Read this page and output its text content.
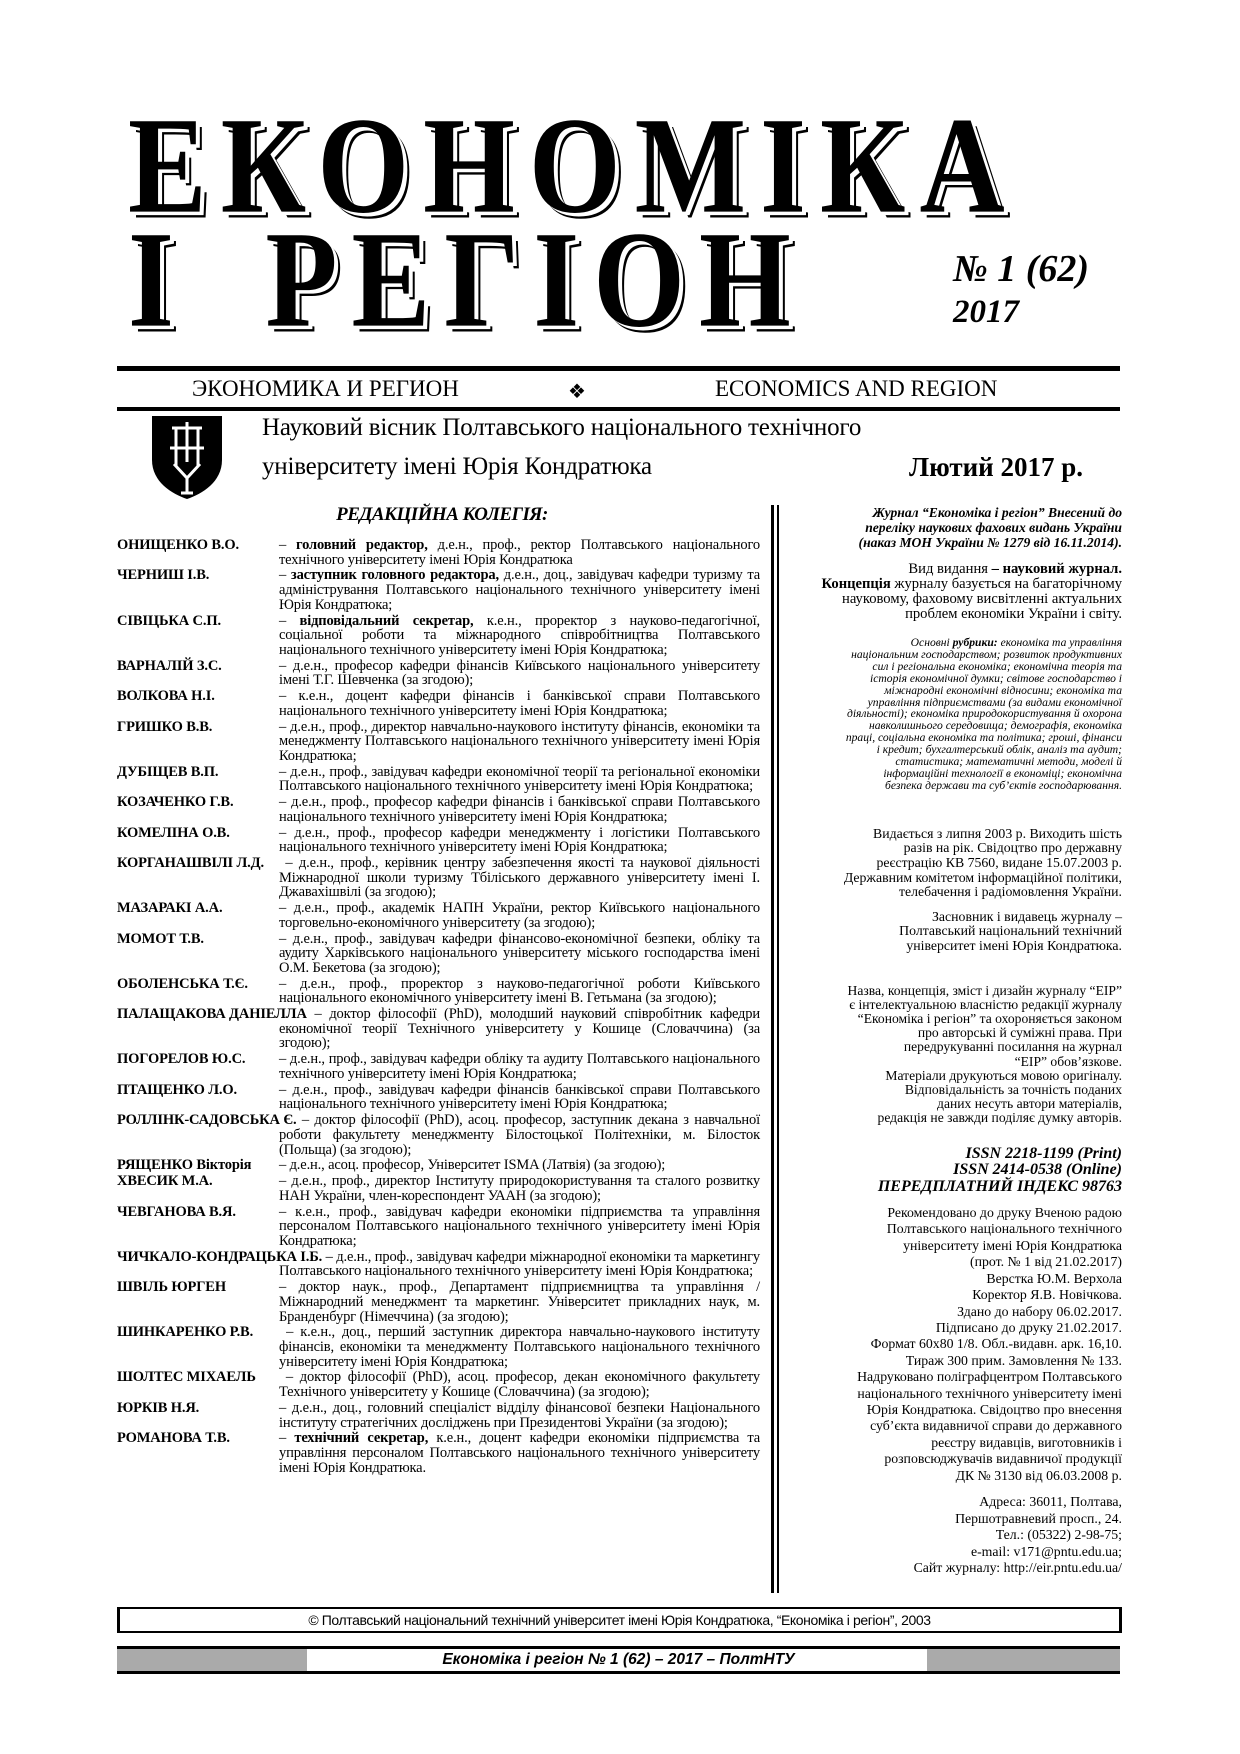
ЕКОНОМІКА
І РЕГІОН	№ 1 (62)
2017
ЭКОНОМИКА И РЕГИОН	❖	ECONOMICS AND REGION
Науковий вісник Полтавського національного технічного
університету імені Юрія Кондратюка	Лютий 2017 р.
РЕДАКЦІЙНА КОЛЕГІЯ:
ОНИЩЕНКО В.О.	– головний редактор, д.е.н., проф., ректор Полтавського національного технічного університету імені Юрія Кондратюка
ЧЕРНИШ І.В.	– заступник головного редактора, д.е.н., доц., завідувач кафедри туризму та адміністрування Полтавського національного технічного університету імені Юрія Кондратюка;
СІВІЦЬКА С.П.	– відповідальний секретар, к.е.н., проректор з науково-педагогічної, соціальної роботи та міжнародного співробітництва Полтавського національного технічного університету імені Юрія Кондратюка;
ВАРНАЛІЙ З.С.	– д.е.н., професор кафедри фінансів Київського національного університету імені Т.Г. Шевченка (за згодою);
ВОЛКОВА Н.І.	– к.е.н., доцент кафедри фінансів і банківської справи Полтавського національного технічного університету імені Юрія Кондратюка;
ГРИШКО В.В.	– д.е.н., проф., директор навчально-наукового інституту фінансів, економіки та менеджменту Полтавського національного технічного університету імені Юрія Кондратюка;
ДУБІЩЕВ В.П.	– д.е.н., проф., завідувач кафедри економічної теорії та регіональної економіки Полтавського національного технічного університету імені Юрія Кондратюка;
КОЗАЧЕНКО Г.В.	– д.е.н., проф., професор кафедри фінансів і банківської справи Полтавського національного технічного університету імені Юрія Кондратюка;
КОМЕЛІНА О.В.	– д.е.н., проф., професор кафедри менеджменту і логістики Полтавського національного технічного університету імені Юрія Кондратюка;
КОРГАНАШВІЛІ Л.Д. – д.е.н., проф., керівник центру забезпечення якості та наукової діяльності Міжнародної школи туризму Тбіліського державного університету імені І. Джавахішвілі (за згодою);
МАЗАРАКІ А.А.	– д.е.н., проф., академік НАПН України, ректор Київського національного торговельно-економічного університету (за згодою);
МОМОТ Т.В.	– д.е.н., проф., завідувач кафедри фінансово-економічної безпеки, обліку та аудиту Харківського національного університету міського господарства імені О.М. Бекетова (за згодою);
ОБОЛЕНСЬКА Т.Є. – д.е.н., проф., проректор з науково-педагогічної роботи Київського національного економічного університету імені В. Гетьмана (за згодою);
ПАЛАЩАКОВА ДАНІЕЛЛА – доктор філософії (PhD), молодший науковий співробітник кафедри економічної теорії Технічного університету у Кошице (Словаччина) (за згодою);
ПОГОРЕЛОВ Ю.С. – д.е.н., проф., завідувач кафедри обліку та аудиту Полтавського національного технічного університету імені Юрія Кондратюка;
ПТАЩЕНКО Л.О.	– д.е.н., проф., завідувач кафедри фінансів банківської справи Полтавського національного технічного університету імені Юрія Кондратюка;
РОЛЛІНК-САДОВСЬКА Є. – доктор філософії (PhD), асоц. професор, заступник декана з навчальної роботи факультету менеджменту Білостоцької Політехніки, м. Білосток (Польща) (за згодою);
РЯЩЕНКО Вікторія – д.е.н., асоц. професор, Університет ISMA (Латвія) (за згодою);
ХВЕСИК М.А.	– д.е.н., проф., директор Інституту природокористування та сталого розвитку НАН України, член-кореспондент УААН (за згодою);
ЧЕВГАНОВА В.Я.	– к.е.н., проф., завідувач кафедри економіки підприємства та управління персоналом Полтавського національного технічного університету імені Юрія Кондратюка;
ЧИЧКАЛО-КОНДРАЦЬКА І.Б. – д.е.н., проф., завідувач кафедри міжнародної економіки та маркетингу Полтавського національного технічного університету імені Юрія Кондратюка;
ШВІЛЬ ЮРГЕН	– доктор наук., проф., Департамент підприємництва та управління / Міжнародний менеджмент та маркетинг. Університет прикладних наук, м. Бранденбург (Німеччина) (за згодою);
ШИНКАРЕНКО Р.В. – к.е.н., доц., перший заступник директора навчально-наукового інституту фінансів, економіки та менеджменту Полтавського національного технічного університету імені Юрія Кондратюка;
ШОЛТЕС МІХАЕЛЬ – доктор філософії (PhD), асоц. професор, декан економічного факультету Технічного університету у Кошице (Словаччина) (за згодою);
ЮРКІВ Н.Я.	– д.е.н., доц., головний спеціаліст відділу фінансової безпеки Національного інституту стратегічних досліджень при Президентові України (за згодою);
РОМАНОВА Т.В.	– технічний секретар, к.е.н., доцент кафедри економіки підприємства та управління персоналом Полтавського національного технічного університету імені Юрія Кондратюка.
Журнал “Економіка і регіон” Внесений до
переліку наукових фахових видань України
(наказ МОН України № 1279 від 16.11.2014).
Вид видання – науковий журнал.
Концепція журналу базується на багаторічному
науковому, фаховому висвітленні актуальних
проблем економіки України і світу.
Основні рубрики: економіка та управління
національним господарством; розвиток продуктивних
сил і регіональна економіка; економічна теорія та
історія економічної думки; світове господарство і
міжнародні економічні відносини; економіка та
управління підприємствами (за видами економічної
діяльності); економіка природокористування й охорона
навколишнього середовища; демографія, економіка
праці, соціальна економіка та політика; гроші, фінанси
і кредит; бухгалтерський облік, аналіз та аудит;
статистика; математичні методи, моделі й
інформаційні технології в економіці; економічна
безпека держави та суб’єктів господарювання.
Видається з липня 2003 р. Виходить шість
разів на рік. Свідоцтво про державну
реєстрацію КВ 7560, видане 15.07.2003 р.
Державним комітетом інформаційної політики,
телебачення і радіомовлення України.
Засновник і видавець журналу –
Полтавський національний технічний
університет імені Юрія Кондратюка.
Назва, концепція, зміст і дизайн журналу “ЕІР”
є інтелектуальною власністю редакції журналу
“Економіка і регіон” та охороняється законом
про авторські й суміжні права. При
передрукуванні посилання на журнал
“ЕІР” обов’язкове.
Матеріали друкуються мовою оригіналу.
Відповідальність за точність поданих
даних несуть автори матеріалів,
редакція не завжди поділяє думку авторів.
ISSN 2218-1199 (Print)
ISSN 2414-0538 (Online)
ПЕРЕДПЛАТНИЙ ІНДЕКС 98763
Рекомендовано до друку Вченою радою
Полтавського національного технічного
університету імені Юрія Кондратюка
(прот. № 1 від 21.02.2017)
Верстка Ю.М. Верхола
Коректор Я.В. Новічкова.
Здано до набору 06.02.2017.
Підписано до друку 21.02.2017.
Формат 60х80 1/8. Обл.-видавн. арк. 16,10.
Тираж 300 прим. Замовлення № 133.
Надруковано поліграфцентром Полтавського
національного технічного університету імені
Юрія Кондратюка. Свідоцтво про внесення
суб’єкта видавничої справи до державного
реєстру видавців, виготовників і
розповсюджувачів видавничої продукції
ДК № 3130 від 06.03.2008 р.
Адреса: 36011, Полтава,
Першотравневий просп., 24.
Тел.: (05322) 2-98-75;
e-mail: v171@pntu.edu.ua;
Сайт журналу: http://eir.pntu.edu.ua/
© Полтавський національний технічний університет імені Юрія Кондратюка, “Економіка і регіон”, 2003
Економіка і регіон № 1 (62) – 2017 – ПолтНТУ
